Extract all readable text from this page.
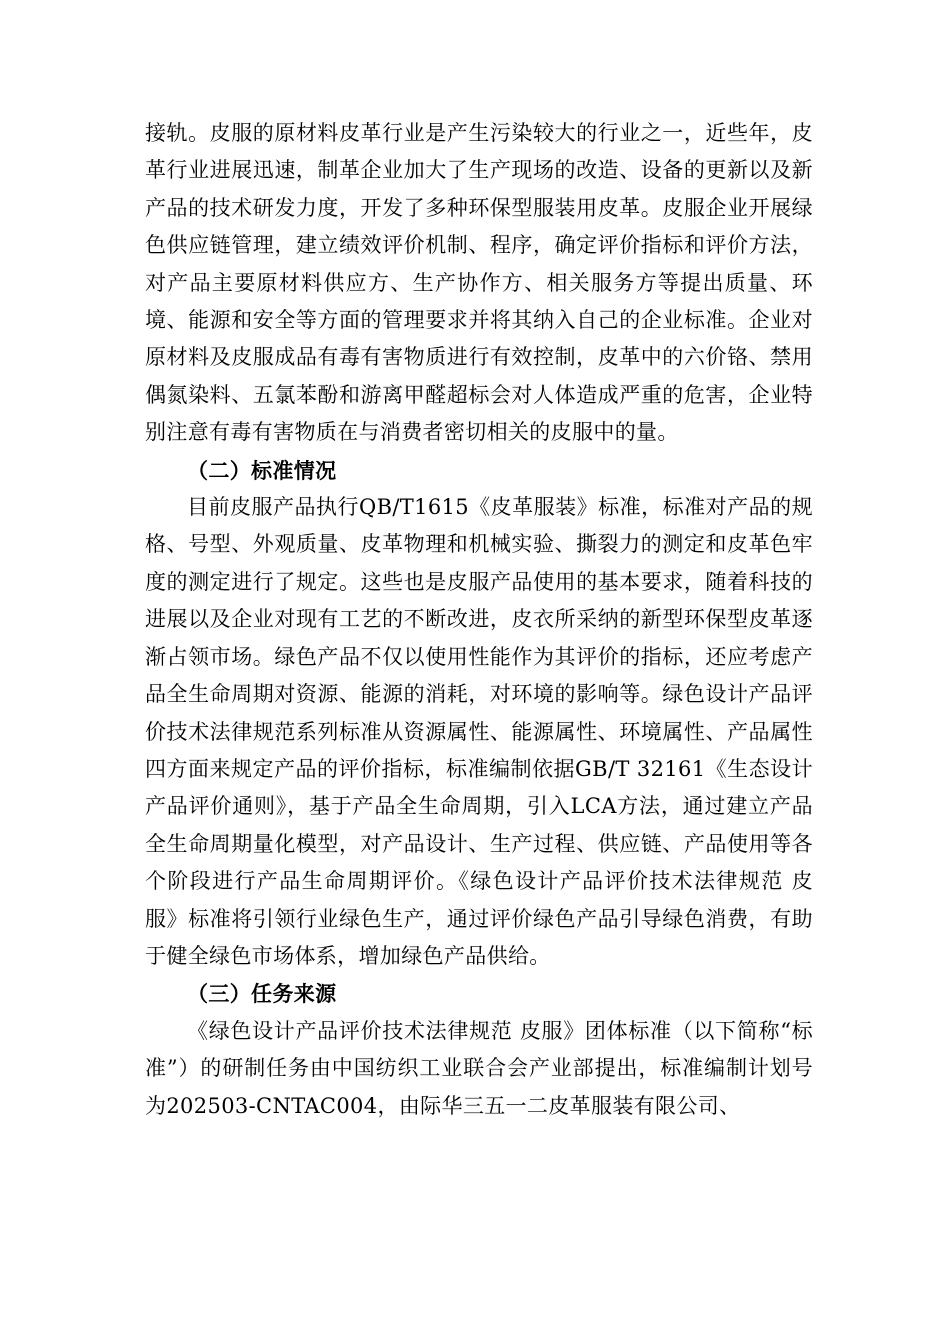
接轨。皮服的原材料皮革行业是产生污染较大的行业之一，近些年，皮革行业进展迅速，制革企业加大了生产现场的改造、设备的更新以及新产品的技术研发力度，开发了多种环保型服装用皮革。皮服企业开展绿色供应链管理，建立绩效评价机制、程序，确定评价指标和评价方法，对产品主要原材料供应方、生产协作方、相关服务方等提出质量、环境、能源和安全等方面的管理要求并将其纳入自己的企业标准。企业对原材料及皮服成品有毒有害物质进行有效控制，皮革中的六价铬、禁用偶氮染料、五氯苯酚和游离甲醛超标会对人体造成严重的危害，企业特别注意有毒有害物质在与消费者密切相关的皮服中的量。

（二）标准情况

目前皮服产品执行QB/T1615《皮革服装》标准，标准对产品的规格、号型、外观质量、皮革物理和机械实验、撕裂力的测定和皮革色牢度的测定进行了规定。这些也是皮服产品使用的基本要求，随着科技的进展以及企业对现有工艺的不断改进，皮衣所采纳的新型环保型皮革逐渐占领市场。绿色产品不仅以使用性能作为其评价的指标，还应考虑产品全生命周期对资源、能源的消耗，对环境的影响等。绿色设计产品评价技术法律规范系列标准从资源属性、能源属性、环境属性、产品属性四方面来规定产品的评价指标，标准编制依据GB/T 32161《生态设计产品评价通则》，基于产品全生命周期，引入LCA方法，通过建立产品全生命周期量化模型，对产品设计、生产过程、供应链、产品使用等各个阶段进行产品生命周期评价。《绿色设计产品评价技术法律规范 皮服》标准将引领行业绿色生产，通过评价绿色产品引导绿色消费，有助于健全绿色市场体系，增加绿色产品供给。

（三）任务来源

《绿色设计产品评价技术法律规范 皮服》团体标准（以下简称“标准”）的研制任务由中国纺织工业联合会产业部提出，标准编制计划号为202503-CNTAC004，由际华三五一二皮革服装有限公司、
